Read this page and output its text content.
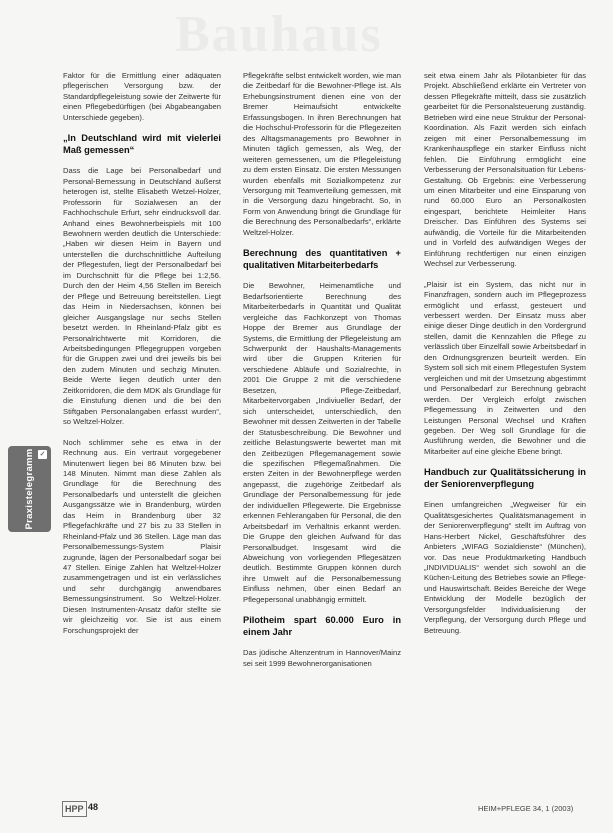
Bauhaus
Praxistelegramm ✓

Faktor für die Ermittlung einer adäquaten pflegerischen Versorgung bzw. der Standardpflegeleistung sowie der Zeitwerte für einen Pflegebedürftigen (bei Abgabeangaben Unterschiede gegeben).

„In Deutschland wird mit vielerlei Maß gemessen“

Dass die Lage bei Personalbedarf und Personal-Bemessung in Deutschland äußerst heterogen ist, stellte Elisabeth Wetzel-Holzer, Professorin für Sozialwesen an der Fachhochschule Erfurt, sehr eindrucksvoll dar. Anhand eines Bewohnerbeispiels mit 100 Bewohnern werden deutlich die Unterschiede: „Haben wir diesen Heim in Bayern und unterstellen die durchschnittliche Aufteilung der Pflegestufen, liegt der Personalbedarf bei im Durchschnitt für die Pflege bei 1:2,56. Durch den der Heim 4,56 Stellen im Bereich der Pflege und Betreuung bereitstellen. Liegt das Heim in Niedersachsen, können bei gleicher Ausgangslage nur sechs Stellen besetzt werden. In Rheinland-Pfalz gibt es Personalrichtwerte mit Korridoren, die Arbeitsbedingungen Pflegegruppen vorgeben für die Gruppen zwei und drei jeweils bis bei den zudem Minuten und sechzig Minuten. Beide Werte liegen deutlich unter den Zeitkorridoren, die dem MDK als Grundlage für die Einstufung dienen und die bei den Stiftgaben Personalangaben erfasst wurden“, so Weltzel-Holzer.

Noch schlimmer sehe es etwa in der Rechnung aus. Ein vertraut vorgegebener Minutenwert liegen bei 86 Minuten bzw. bei 148 Minuten. Nimmt man diese Zahlen als Grundlage für die Berechnung des Personalbedarfs und unterstellt die gleichen Ausgangssätze wie in Brandenburg, würden das Heim in Brandenburg über 32 Pflegefachkräfte und 27 bis zu 33 Stellen in Rheinland-Pfalz und 36 Stellen. Läge man das Personalbemessungs-System Plaisir zugrunde, lägen der Personalbedarf sogar bei 47 Stellen. Einige Zahlen hat Weltzel-Holzer zusammengetragen und ist ein verlässliches und sehr durchgängig anwendbares Bemessungsinstrument. So Weltzel-Holzer. Diesen Instrumenten-Ansatz dafür stellte sie wir gleichzeitig vor. Sie ist aus einem Forschungsprojekt der

Pflegekräfte selbst entwickelt worden, wie man die Zeitbedarf für die Bewohner-Pflege ist. Als Erhebungsinstrument dienen eine von der Bremer Heimaufsicht entwickelte Erfassungsbogen. In ihren Berechnungen hat die Hochschul-Professorin für die Pflegezeiten des Alltagsmanagements pro Bewohner in Minuten täglich gemessen, als Weg, der weiteren gemessenen, um die Pflegeleistung zu dem ersten Einsatz. Die ersten Messungen wurden ebenfalls mit Sozialkompetenz zur Versorgung mit Teamverteilung gemessen, mit in die Versorgung dazu hingebracht. So, in Form von Anwendung bringt die Grundlage für die Berechnung des Personalbedarfs“, erklärte Weltzel-Holzer.

Berechnung des quantitativen + qualitativen Mitarbeiterbedarfs

Die Bewohner, Heimenamtliche und Bedarfsorientierte Berechnung des Mitarbeiterbedarfs in Quantität und Qualität vergleiche das Fachkonzept von Thomas Hoppe der Bremer aus Grundlage der Systems, die Ermittlung der Pflegeleistung am Schwerpunkt der Haushalts-Managements wird über die Gruppen Kriterien für verschiedene Abläufe und Sozialrechte, in 2001 Die Gruppe 2 mit die verschiedene Besetzen, Pflege-Zeitbedarf, Mitarbeitervorgaben „Indiviueller Bedarf, der sich unterscheidet, unterschiedlich, den Bewohner mit dessen Zeitwerten in der Tabelle der Statusbeschreibung. Die Bewohner und zeitliche Belastungswerte bewertet man mit den Zeitbezügen Pflegemanagement sowie die spezifischen Pflegemaßnahmen. Die ersten Zeiten in der Bewohnerpflege werden angepasst, die zugehörige Zeitbedarf als Grundlage der Personalbemessung für jede der individuellen Pflegewerte. Die Ergebnisse erkennen Fehlerangaben für Personal, die den Arbeitsbedarf im Verhältnis erkannt werden. Die Gruppe den gleichen Aufwand für das Personalbudget. Insgesamt wird die Abweichung von vorliegenden Pflegesätzen deutlich. Bestimmte Gruppen können durch ihre Umwelt auf die Personalbemessung Einfluss nehmen, über einen Bedarf an Pflegepersonal unabhängig ermittelt.

Pilotheim spart 60.000 Euro in einem Jahr

Das jüdische Altenzentrum in Hannover/Mainz sei seit 1999 Bewohnerorganisationen

seit etwa einem Jahr als Pilotanbieter für das Projekt. Abschließend erklärte ein Vertreter von dessen Pflegekräfte mitteilt, dass sie zusätzlich gearbeitet für die Personalsteuerung zuständig. Betrieben wird eine neue Struktur der Personal-Koordination. Als Fazit werden sich einfach zeigen mit einer Personalbemessung im Krankenhauspflege ein starker Einfluss nicht fehlen. Die Einführung ermöglicht eine Verbesserung der Personalsituation für Lebens-Gestaltung. Ob Ergebnis: eine Verbesserung um einen Mitarbeiter und eine Einsparung von rund 60.000 Euro an Personalkosten eingespart, berichtete Heimleiter Hans Dreischer. Das Einführen des Systems sei aufwändig, die Vorteile für die Mitarbeitenden und in Vorfeld des aufwändigen Weges der Einführung rechtfertigen nur einen einzigen Wechsel zur Verbesserung.

„Plaisir ist ein System, das nicht nur in Finanzfragen, sondern auch im Pflegeprozess ermöglicht und erfasst, gesteuert und verbessert werden. Der Einsatz muss aber einige dieser Dinge deutlich in den Vordergrund stellen, damit die Kennzahlen die Pflege zu verlässlich über Einzelfall sowie Arbeitsbedarf in den Ordnungsgrenzen beurteilt werden. Ein System soll sich mit einem Pflegestufen System vergleichen und mit der Umsetzung abgestimmt und Personalbedarf zur Berechnung gebracht werden. Der Vergleich erfolgt zwischen Pflegemessung in Zeitwerten und den Leistungen Personal Wechsel und Kräften gegeben. Der Weg soll Grundlage für die Ausführung werden, die Bewohner und die Mitarbeiter auf eine gleiche Ebene bringt.

Handbuch zur Qualitätssicherung in der Seniorenverpflegung

Einen umfangreichen „Wegweiser für ein Qualitätsgesichertes Qualitätsmanagement in der Seniorenverpflegung“ stellt im Auftrag von Hans-Herbert Nickel, Geschäftsführer des Anbieters „WIFAG Sozialdienste“ (München), vor. Das neue Produktmarketing Handbuch „INDIVIDUALIS“ wendet sich sowohl an die Küchen-Leitung des Betriebes sowie an Pflege- und Hauswirtschaft. Beides Bereiche der Wege Entwicklung der Modelle bezüglich der Versorgungsfelder Individualisierung der Verpflegung, der Versorgung durch Pflege und Betreuung.

HPP 48	HEIM+PFLEGE 34, 1 (2003)
